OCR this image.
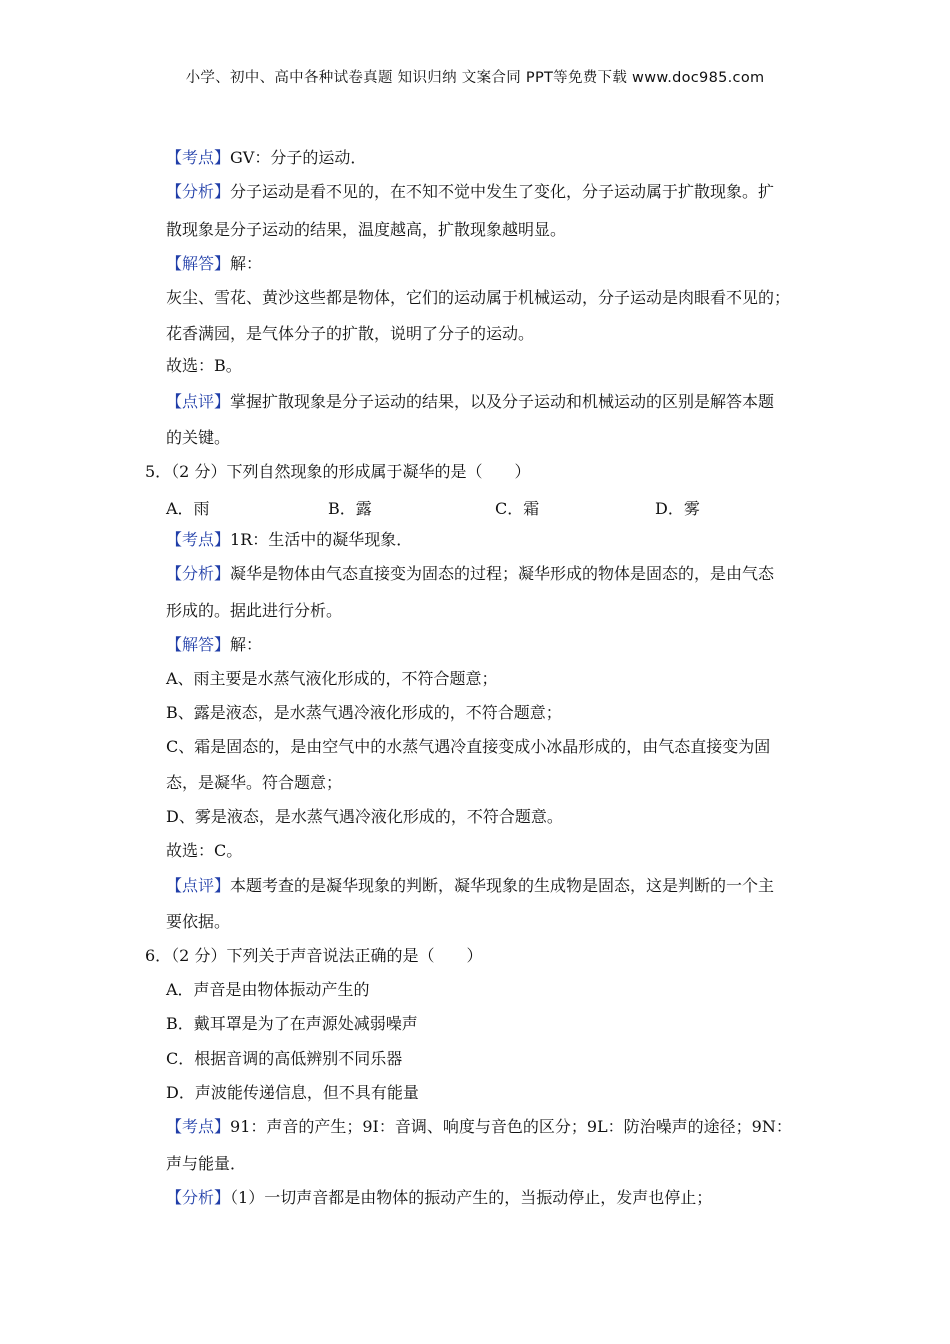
小学、初中、高中各种试卷真题 知识归纳 文案合同 PPT等免费下载 www.doc985.com
【考点】GV：分子的运动．
【分析】分子运动是看不见的，在不知不觉中发生了变化，分子运动属于扩散现象。扩
散现象是分子运动的结果，温度越高，扩散现象越明显。
【解答】解：
灰尘、雪花、黄沙这些都是物体，它们的运动属于机械运动，分子运动是肉眼看不见的；
花香满园，是气体分子的扩散，说明了分子的运动。
故选：B。
【点评】掌握扩散现象是分子运动的结果，以及分子运动和机械运动的区别是解答本题
的关键。
5．（2 分）下列自然现象的形成属于凝华的是（　　）
A．雨	B．露	C．霜	D．雾
【考点】1R：生活中的凝华现象．
【分析】凝华是物体由气态直接变为固态的过程；凝华形成的物体是固态的，是由气态
形成的。据此进行分析。
【解答】解：
A、雨主要是水蒸气液化形成的，不符合题意；
B、露是液态，是水蒸气遇冷液化形成的，不符合题意；
C、霜是固态的，是由空气中的水蒸气遇冷直接变成小冰晶形成的，由气态直接变为固
态，是凝华。符合题意；
D、雾是液态，是水蒸气遇冷液化形成的，不符合题意。
故选：C。
【点评】本题考查的是凝华现象的判断，凝华现象的生成物是固态，这是判断的一个主
要依据。
6．（2 分）下列关于声音说法正确的是（　　）
A．声音是由物体振动产生的
B．戴耳罩是为了在声源处减弱噪声
C．根据音调的高低辨别不同乐器
D．声波能传递信息，但不具有能量
【考点】91：声音的产生；9I：音调、响度与音色的区分；9L：防治噪声的途径；9N：
声与能量．
【分析】（1）一切声音都是由物体的振动产生的，当振动停止，发声也停止；
